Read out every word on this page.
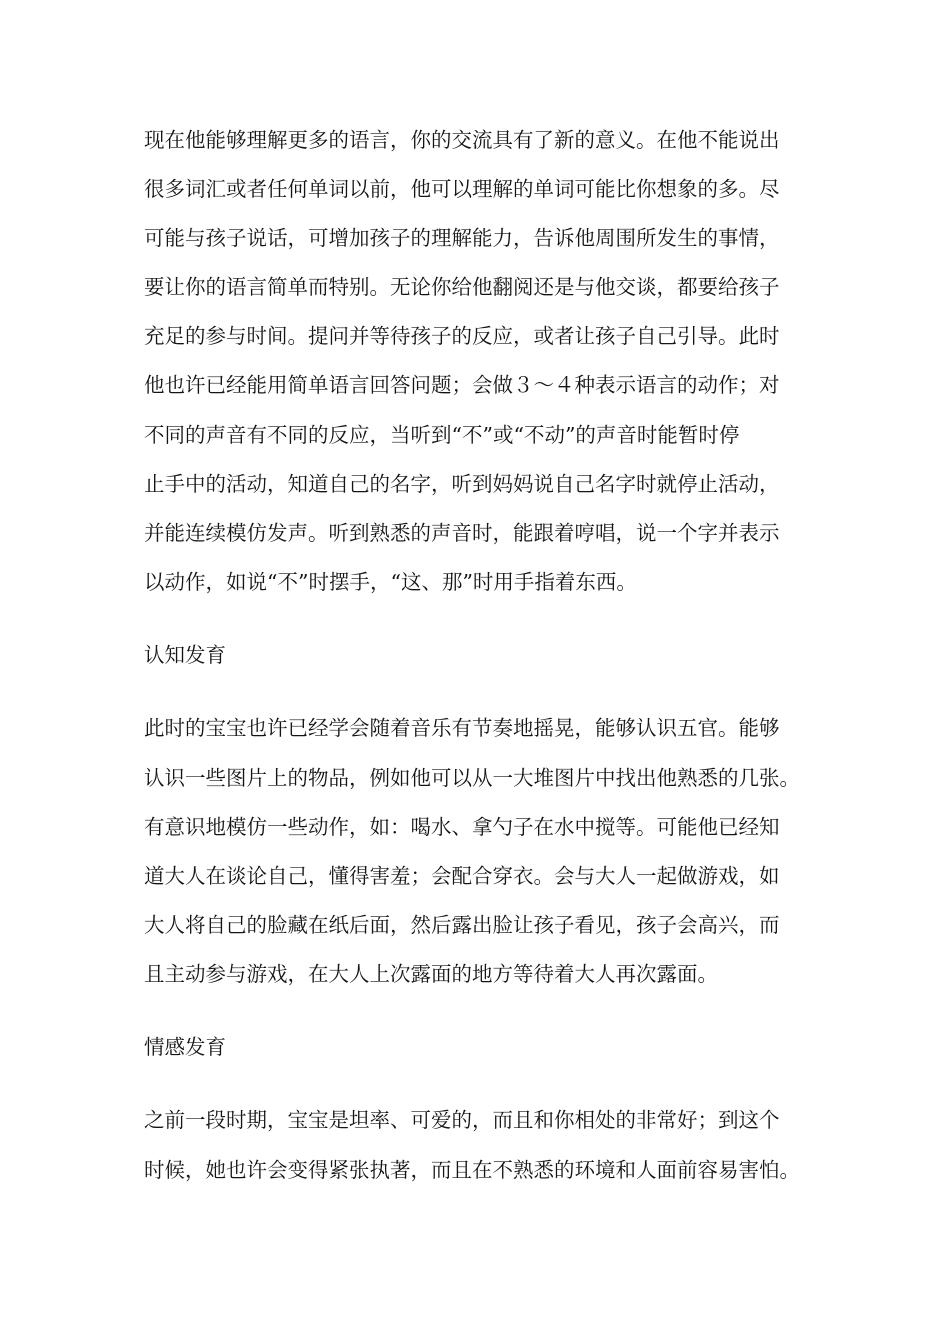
现在他能够理解更多的语言，你的交流具有了新的意义。在他不能说出
很多词汇或者任何单词以前，他可以理解的单词可能比你想象的多。尽
可能与孩子说话，可增加孩子的理解能力，告诉他周围所发生的事情，
要让你的语言简单而特别。无论你给他翻阅还是与他交谈，都要给孩子
充足的参与时间。提问并等待孩子的反应，或者让孩子自己引导。此时
他也许已经能用简单语言回答问题；会做３～４种表示语言的动作；对
不同的声音有不同的反应，当听到“不”或“不动”的声音时能暂时停
止手中的活动，知道自己的名字，听到妈妈说自己名字时就停止活动，
并能连续模仿发声。听到熟悉的声音时，能跟着哼唱，说一个字并表示
以动作，如说“不”时摆手，“这、那”时用手指着东西。

认知发育

此时的宝宝也许已经学会随着音乐有节奏地摇晃，能够认识五官。能够
认识一些图片上的物品，例如他可以从一大堆图片中找出他熟悉的几张。
有意识地模仿一些动作，如：喝水、拿勺子在水中搅等。可能他已经知
道大人在谈论自己，懂得害羞；会配合穿衣。会与大人一起做游戏，如
大人将自己的脸藏在纸后面，然后露出脸让孩子看见，孩子会高兴，而
且主动参与游戏，在大人上次露面的地方等待着大人再次露面。

情感发育

之前一段时期，宝宝是坦率、可爱的，而且和你相处的非常好；到这个
时候，她也许会变得紧张执著，而且在不熟悉的环境和人面前容易害怕。
